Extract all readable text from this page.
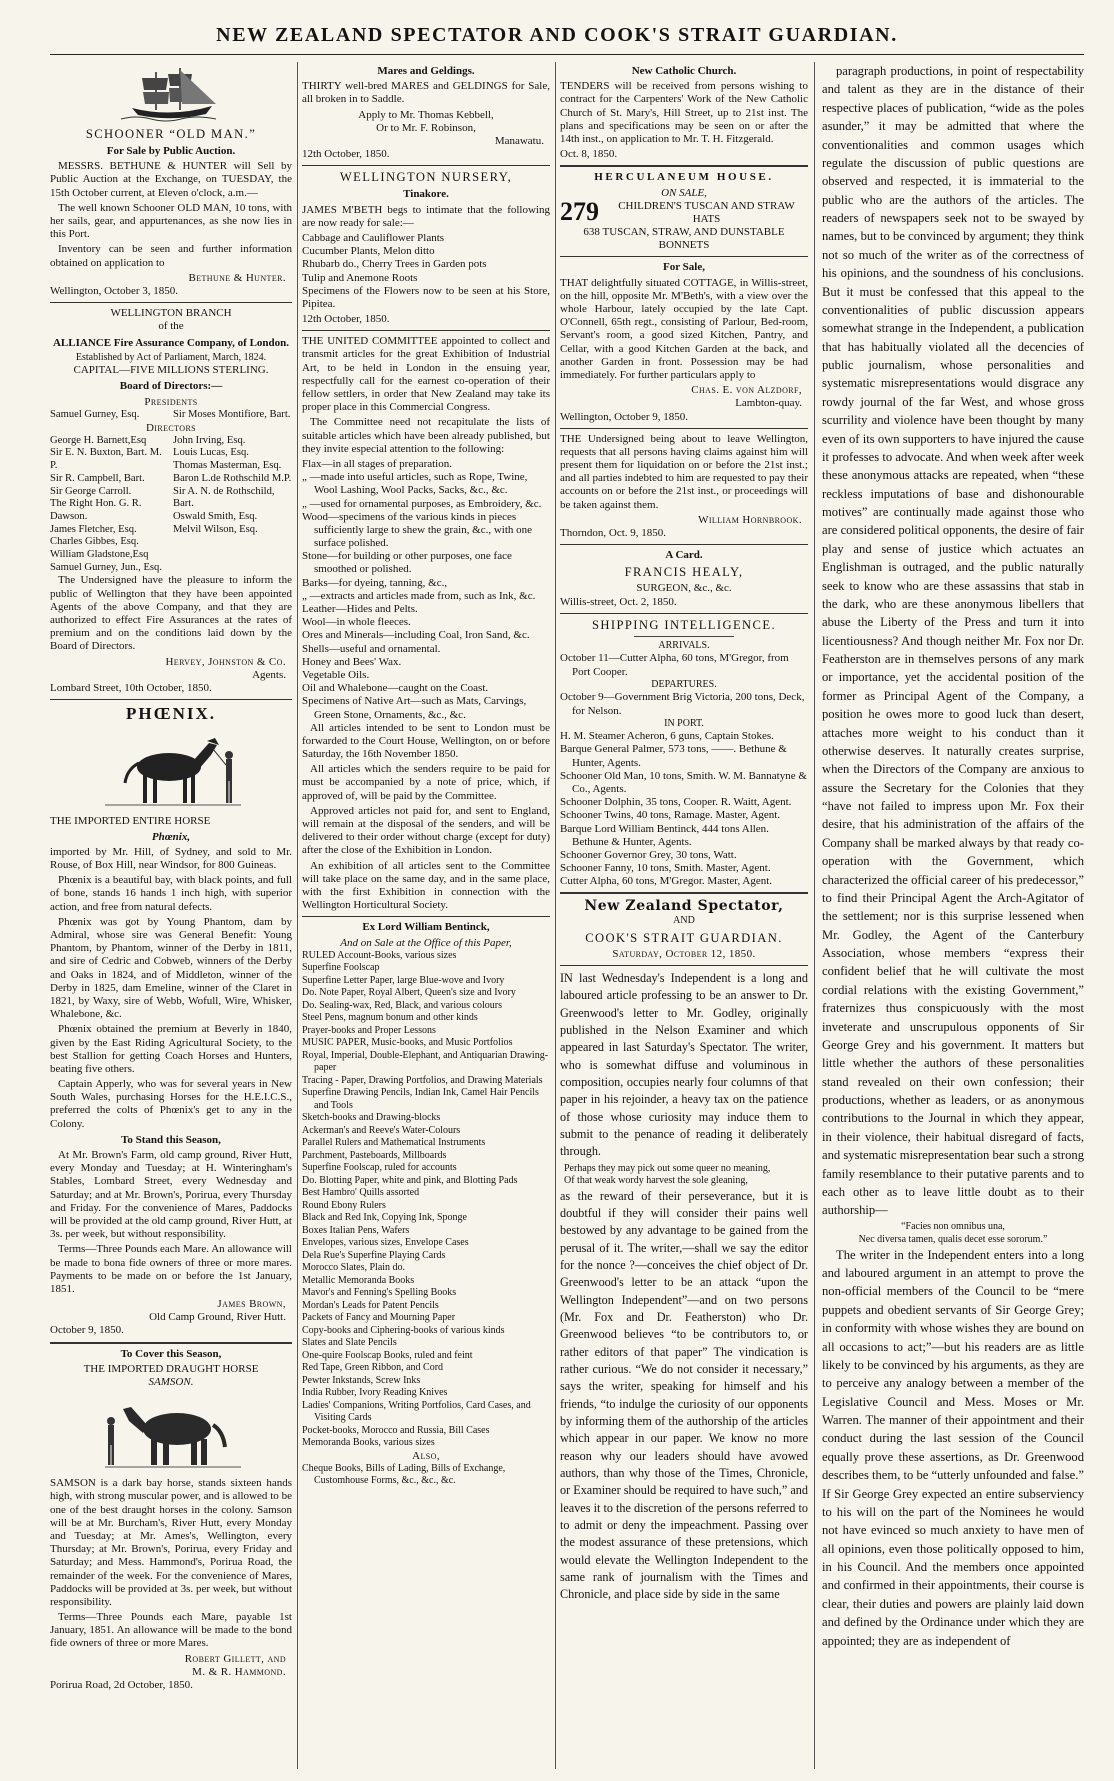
NEW ZEALAND SPECTATOR AND COOK'S STRAIT GUARDIAN.
SCHOONER “OLD MAN.”
For Sale by Public Auction.

MESSRS. BETHUNE & HUNTER will Sell by Public Auction at the Exchange, on TUESDAY, the 15th October current, at Eleven o'clock, a.m.—

The well known Schooner OLD MAN, 10 tons, with her sails, gear, and appurtenances, as she now lies in this Port.

Inventory can be seen and further information obtained on application to

Bethune & Hunter.
Wellington, October 3, 1850.
WELLINGTON BRANCH
of the
ALLIANCE Fire Assurance Company, of London.
Established by Act of Parliament, March, 1824.
CAPITAL—FIVE MILLIONS STERLING.
Board of Directors:—
Presidents
Samuel Gurney, Esq.	Sir Moses Montifiore, Bart.
Directors
George H. Barnett,Esq
Sir E. N. Buxton, Bart. M. P.
Sir R. Campbell, Bart.
Sir George Carroll.
The Right Hon. G. R. Dawson.
James Fletcher, Esq.
Charles Gibbes, Esq.
William Gladstone,Esq
Samuel Gurney, Jun., Esq.
John Irving, Esq.
Louis Lucas, Esq.
Thomas Masterman, Esq.
Baron L.de Rothschild M.P.
Sir A. N. de Rothschild, Bart.
Oswald Smith, Esq.
Melvil Wilson, Esq.

The Undersigned have the pleasure to inform the public of Wellington that they have been appointed Agents of the above Company, and that they are authorized to effect Fire Assurances at the rates of premium and on the conditions laid down by the Board of Directors.

Hervey, Johnston & Co.
Agents.
Lombard Street, 10th October, 1850.
PHŒNIX.

THE IMPORTED ENTIRE HORSE

Phœnix,

imported by Mr. Hill, of Sydney, and sold to Mr. Rouse, of Box Hill, near Windsor, for 800 Guineas.

Phœnix is a beautiful bay, with black points, and full of bone, stands 16 hands 1 inch high, with superior action, and free from natural defects.

Phœnix was got by Young Phantom, dam by Admiral, whose sire was General Benefit: Young Phantom, by Phantom, winner of the Derby in 1811, and sire of Cedric and Cobweb, winners of the Derby and Oaks in 1824, and of Middleton, winner of the Derby in 1825, dam Emeline, winner of the Claret in 1821, by Waxy, sire of Webb, Wofull, Wire, Whisker, Whalebone, &c.

Phœnix obtained the premium at Beverly in 1840, given by the East Riding Agricultural Society, to the best Stallion for getting Coach Horses and Hunters, beating five others.

Captain Apperly, who was for several years in New South Wales, purchasing Horses for the H.E.I.C.S., preferred the colts of Phœnix's get to any in the Colony.

To Stand this Season,

At Mr. Brown's Farm, old camp ground, River Hutt, every Monday and Tuesday; at H. Winteringham's Stables, Lombard Street, every Wednesday and Saturday; and at Mr. Brown's, Porirua, every Thursday and Friday. For the convenience of Mares, Paddocks will be provided at the old camp ground, River Hutt, at 3s. per week, but without responsibility.

Terms—Three Pounds each Mare. An allowance will be made to bona fide owners of three or more mares. Payments to be made on or before the 1st January, 1851.

James Brown,
Old Camp Ground, River Hutt.
October 9, 1850.
To Cover this Season,
THE IMPORTED DRAUGHT HORSE
SAMSON.

SAMSON is a dark bay horse, stands sixteen hands high, with strong muscular power, and is allowed to be one of the best draught horses in the colony. Samson will be at Mr. Burcham's, River Hutt, every Monday and Tuesday; at Mr. Ames's, Wellington, every Thursday; at Mr. Brown's, Porirua, every Friday and Saturday; and Mess. Hammond's, Porirua Road, the remainder of the week. For the convenience of Mares, Paddocks will be provided at 3s. per week, but without responsibility.

Terms—Three Pounds each Mare, payable 1st January, 1851. An allowance will be made to the bond fide owners of three or more Mares.

Robert Gillett, and
M. & R. Hammond.
Porirua Road, 2d October, 1850.
Mares and Geldings.

THIRTY well-bred MARES and GELDINGS for Sale, all broken in to Saddle.

Apply to Mr. Thomas Kebbell,
Or to Mr. F. Robinson,
Manawatu.
12th October, 1850.
WELLINGTON NURSERY,
Tinakore.

JAMES M'BETH begs to intimate that the following are now ready for sale:—

Cabbage and Cauliflower Plants
Cucumber Plants, Melon ditto
Rhubarb do., Cherry Trees in Garden pots
Tulip and Anemone Roots

Specimens of the Flowers now to be seen at his Store, Pipitea.

12th October, 1850.

THE UNITED COMMITTEE appointed to collect and transmit articles for the great Exhibition of Industrial Art, to be held in London in the ensuing year, respectfully call for the earnest co-operation of their fellow settlers, in order that New Zealand may take its proper place in this Commercial Congress.

The Committee need not recapitulate the lists of suitable articles which have been already published, but they invite especial attention to the following:

Flax—in all stages of preparation.
„ —made into useful articles, such as Rope, Twine, Wool Lashing, Wool Packs, Sacks, &c., &c.
„ —used for ornamental purposes, as Embroidery, &c.
Wood—specimens of the various kinds in pieces sufficiently large to shew the grain, &c., with one surface polished.
Stone—for building or other purposes, one face smoothed or polished.
Barks—for dyeing, tanning, &c.,
„ —extracts and articles made from, such as Ink, &c.
Leather—Hides and Pelts.
Wool—in whole fleeces.
Ores and Minerals—including Coal, Iron Sand, &c.
Shells—useful and ornamental.
Honey and Bees' Wax.
Vegetable Oils.
Oil and Whalebone—caught on the Coast.
Specimens of Native Art—such as Mats, Carvings, Green Stone, Ornaments, &c., &c.

All articles intended to be sent to London must be forwarded to the Court House, Wellington, on or before Saturday, the 16th November 1850.

All articles which the senders require to be paid for must be accompanied by a note of price, which, if approved of, will be paid by the Committee.

Approved articles not paid for, and sent to England, will remain at the disposal of the senders, and will be delivered to their order without charge (except for duty) after the close of the Exhibition in London.

An exhibition of all articles sent to the Committee will take place on the same day, and in the same place, with the first Exhibition in connection with the Wellington Horticultural Society.

Ex Lord William Bentinck,
And on Sale at the Office of this Paper,
RULED Account-Books, various sizes
Superfine Foolscap
Superfine Letter Paper, large Blue-wove and Ivory
Do. Note Paper, Royal Albert, Queen's size and Ivory
Do. Sealing-wax, Red, Black, and various colours
Steel Pens, magnum bonum and other kinds
Prayer-books and Proper Lessons
MUSIC PAPER, Music-books, and Music Portfolios
Royal, Imperial, Double-Elephant, and Antiquarian Drawing-paper
Tracing - Paper, Drawing Portfolios, and Drawing Materials
Superfine Drawing Pencils, Indian Ink, Camel Hair Pencils and Tools
Sketch-books and Drawing-blocks
Ackerman's and Reeve's Water-Colours
Parallel Rulers and Mathematical Instruments
Parchment, Pasteboards, Millboards
Superfine Foolscap, ruled for accounts
Do. Blotting Paper, white and pink, and Blotting Pads
Best Hambro' Quills assorted
Round Ebony Rulers
Black and Red Ink, Copying Ink, Sponge
Boxes Italian Pens, Wafers
Envelopes, various sizes, Envelope Cases
Dela Rue's Superfine Playing Cards
Morocco Slates, Plain do.
Metallic Memoranda Books
Mavor's and Fenning's Spelling Books
Mordan's Leads for Patent Pencils
Packets of Fancy and Mourning Paper
Copy-books and Ciphering-books of various kinds
Slates and Slate Pencils
One-quire Foolscap Books, ruled and feint
Red Tape, Green Ribbon, and Cord
Pewter Inkstands, Screw Inks
India Rubber, Ivory Reading Knives
Ladies' Companions, Writing Portfolios, Card Cases, and Visiting Cards
Pocket-books, Morocco and Russia, Bill Cases
Memoranda Books, various sizes
Also,
Cheque Books, Bills of Lading, Bills of Exchange, Customhouse Forms, &c., &c., &c.
New Catholic Church.

TENDERS will be received from persons wishing to contract for the Carpenters' Work of the New Catholic Church of St. Mary's, Hill Street, up to 21st inst. The plans and specifications may be seen on or after the 14th inst., on application to Mr. T. H. Fitzgerald.

Oct. 8, 1850.
HERCULANEUM HOUSE.
ON SALE,
279	CHILDREN'S TUSCAN AND STRAW HATS
638 TUSCAN, STRAW, AND DUNSTABLE BONNETS
For Sale,

THAT delightfully situated COTTAGE, in Willis-street, on the hill, opposite Mr. M'Beth's, with a view over the whole Harbour, lately occupied by the late Capt. O'Connell, 65th regt., consisting of Parlour, Bed-room, Servant's room, a good sized Kitchen, Pantry, and Cellar, with a good Kitchen Garden at the back, and another Garden in front. Possession may be had immediately. For further particulars apply to

Chas. E. von Alzdorf,
Lambton-quay.
Wellington, October 9, 1850.

THE Undersigned being about to leave Wellington, requests that all persons having claims against him will present them for liquidation on or before the 21st inst.; and all parties indebted to him are requested to pay their accounts on or before the 21st inst., or proceedings will be taken against them.

William Hornbrook.
Thorndon, Oct. 9, 1850.
A Card.
FRANCIS HEALY,
SURGEON, &c., &c.
Willis-street, Oct. 2, 1850.
SHIPPING INTELLIGENCE.
ARRIVALS.
October 11—Cutter Alpha, 60 tons, M'Gregor, from Port Cooper.
DEPARTURES.
October 9—Government Brig Victoria, 200 tons, Deck, for Nelson.
IN PORT.
H. M. Steamer Acheron, 6 guns, Captain Stokes.
Barque General Palmer, 573 tons, ——. Bethune & Hunter, Agents.
Schooner Old Man, 10 tons, Smith. W. M. Bannatyne & Co., Agents.
Schooner Dolphin, 35 tons, Cooper. R. Waitt, Agent.
Schooner Twins, 40 tons, Ramage. Master, Agent.
Barque Lord William Bentinck, 444 tons Allen. Bethune & Hunter, Agents.
Schooner Governor Grey, 30 tons, Watt.
Schooner Fanny, 10 tons, Smith. Master, Agent.
Cutter Alpha, 60 tons, M'Gregor. Master, Agent.
New Zealand Spectator,
AND
COOK'S STRAIT GUARDIAN.
Saturday, October 12, 1850.

IN last Wednesday's Independent is a long and laboured article professing to be an answer to Dr. Greenwood's letter to Mr. Godley, originally published in the Nelson Examiner and which appeared in last Saturday's Spectator. The writer, who is somewhat diffuse and voluminous in composition, occupies nearly four columns of that paper in his rejoinder, a heavy tax on the patience of those whose curiosity may induce them to submit to the penance of reading it deliberately through.

Perhaps they may pick out some queer no meaning,
Of that weak wordy harvest the sole gleaning,

as the reward of their perseverance, but it is doubtful if they will consider their pains well bestowed by any advantage to be gained from the perusal of it. The writer,—shall we say the editor for the nonce ?—conceives the chief object of Dr. Greenwood's letter to be an attack “upon the Wellington Independent”—and on two persons (Mr. Fox and Dr. Featherston) who Dr. Greenwood believes “to be contributors to, or rather editors of that paper” The vindication is rather curious. “We do not consider it necessary,” says the writer, speaking for himself and his friends, “to indulge the curiosity of our opponents by informing them of the authorship of the articles which appear in our paper. We know no more reason why our leaders should have avowed authors, than why those of the Times, Chronicle, or Examiner should be required to have such,” and leaves it to the discretion of the persons referred to to admit or deny the impeachment. Passing over the modest assurance of these pretensions, which would elevate the Wellington Independent to the same rank of journalism with the Times and Chronicle, and place side by side in the same

paragraph productions, in point of respectability and talent as they are in the distance of their respective places of publication, “wide as the poles asunder,” it may be admitted that where the conventionalities and common usages which regulate the discussion of public questions are observed and respected, it is immaterial to the public who are the authors of the articles. The readers of newspapers seek not to be swayed by names, but to be convinced by argument; they think not so much of the writer as of the correctness of his opinions, and the soundness of his conclusions. But it must be confessed that this appeal to the conventionalities of public discussion appears somewhat strange in the Independent, a publication that has habitually violated all the decencies of public journalism, whose personalities and systematic misrepresentations would disgrace any rowdy journal of the far West, and whose gross scurrility and violence have been thought by many even of its own supporters to have injured the cause it professes to advocate. And when week after week these anonymous attacks are repeated, when “these reckless imputations of base and dishonourable motives” are continually made against those who are considered political opponents, the desire of fair play and sense of justice which actuates an Englishman is outraged, and the public naturally seek to know who are these assassins that stab in the dark, who are these anonymous libellers that abuse the Liberty of the Press and turn it into licentiousness? And though neither Mr. Fox nor Dr. Featherston are in themselves persons of any mark or importance, yet the accidental position of the former as Principal Agent of the Company, a position he owes more to good luck than desert, attaches more weight to his conduct than it otherwise deserves. It naturally creates surprise, when the Directors of the Company are anxious to assure the Secretary for the Colonies that they “have not failed to impress upon Mr. Fox their desire, that his administration of the affairs of the Company shall be marked always by that ready co-operation with the Government, which characterized the official career of his predecessor,” to find their Principal Agent the Arch-Agitator of the settlement; nor is this surprise lessened when Mr. Godley, the Agent of the Canterbury Association, whose members “express their confident belief that he will cultivate the most cordial relations with the existing Government,” fraternizes thus conspicuously with the most inveterate and unscrupulous opponents of Sir George Grey and his government. It matters but little whether the authors of these personalities stand revealed on their own confession; their productions, whether as leaders, or as anonymous contributions to the Journal in which they appear, in their violence, their habitual disregard of facts, and systematic misrepresentation bear such a strong family resemblance to their putative parents and to each other as to leave little doubt as to their authorship—

“Facies non omnibus una,
Nec diversa tamen, qualis decet esse sororum.”

The writer in the Independent enters into a long and laboured argument in an attempt to prove the non-official members of the Council to be “mere puppets and obedient servants of Sir George Grey; in conformity with whose wishes they are bound on all occasions to act;”—but his readers are as little likely to be convinced by his arguments, as they are to perceive any analogy between a member of the Legislative Council and Mess. Moses or Mr. Warren. The manner of their appointment and their conduct during the last session of the Council equally prove these assertions, as Dr. Greenwood describes them, to be “utterly unfounded and false.” If Sir George Grey expected an entire subserviency to his will on the part of the Nominees he would not have evinced so much anxiety to have men of all opinions, even those politically opposed to him, in his Council. And the members once appointed and confirmed in their appointments, their course is clear, their duties and powers are plainly laid down and defined by the Ordinance under which they are appointed; they are as independent of
